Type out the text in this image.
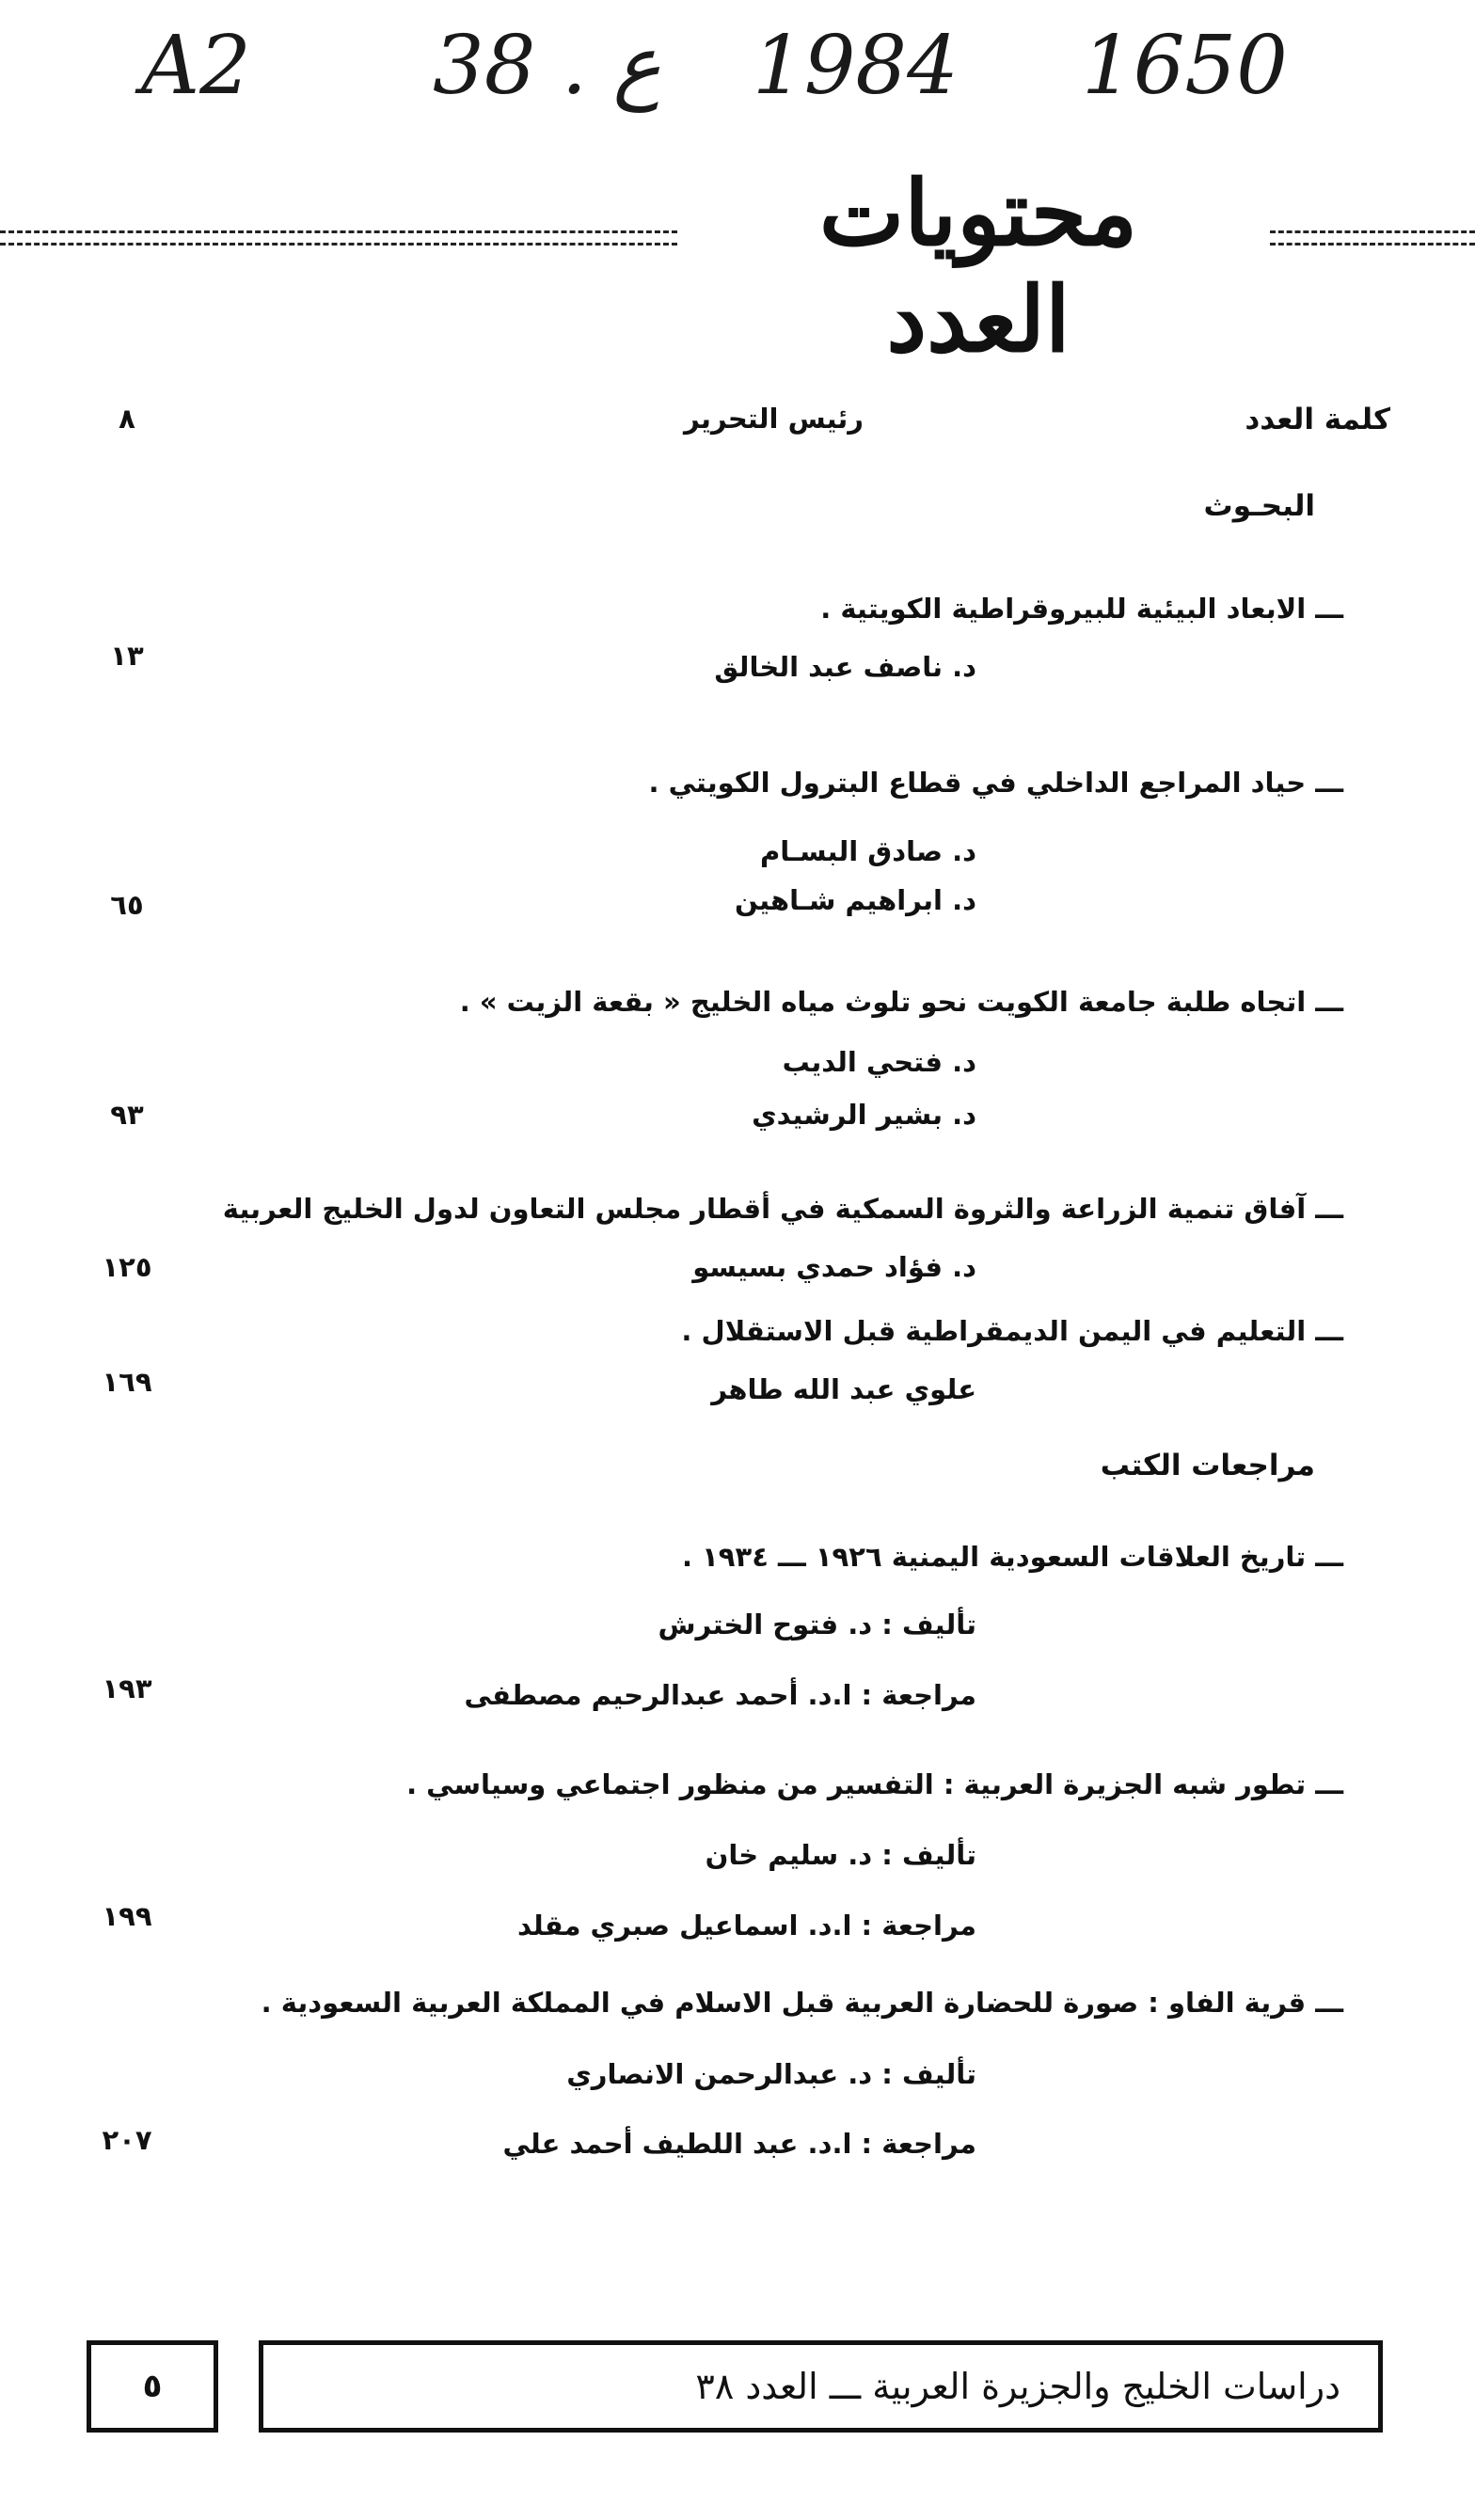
A2 38 . ع 1984 1650
محتويات العدد
كلمة العدد
رئيس التحرير
٨
البحـوث
ـــ الابعاد البيئية للبيروقراطية الكويتية .
د. ناصف عبد الخالق
١٣
ـــ حياد المراجع الداخلي في قطاع البترول الكويتي .
د. صادق البسـام
د. ابراهيم شـاهين
٦٥
ـــ اتجاه طلبة جامعة الكويت نحو تلوث مياه الخليج « بقعة الزيت » .
د. فتحي الديب
د. بشير الرشيدي
٩٣
ـــ آفاق تنمية الزراعة والثروة السمكية في أقطار مجلس التعاون لدول الخليج العربية
د. فؤاد حمدي بسيسو
١٢٥
ـــ التعليم في اليمن الديمقراطية قبل الاستقلال .
علوي عبد الله طاهر
١٦٩
مراجعات الكتب
ـــ تاريخ العلاقات السعودية اليمنية ١٩٢٦ ـــ ١٩٣٤ .
تأليف : د. فتوح الخترش
مراجعة : ا.د. أحمد عبدالرحيم مصطفى
١٩٣
ـــ تطور شبه الجزيرة العربية : التفسير من منظور اجتماعي وسياسي .
تأليف : د. سليم خان
مراجعة : ا.د. اسماعيل صبري مقلد
١٩٩
ـــ قرية الفاو : صورة للحضارة العربية قبل الاسلام في المملكة العربية السعودية .
تأليف : د. عبدالرحمن الانصاري
مراجعة : ا.د. عبد اللطيف أحمد علي
٢٠٧
٥	دراسات الخليج والجزيرة العربية ـــ العدد ٣٨
